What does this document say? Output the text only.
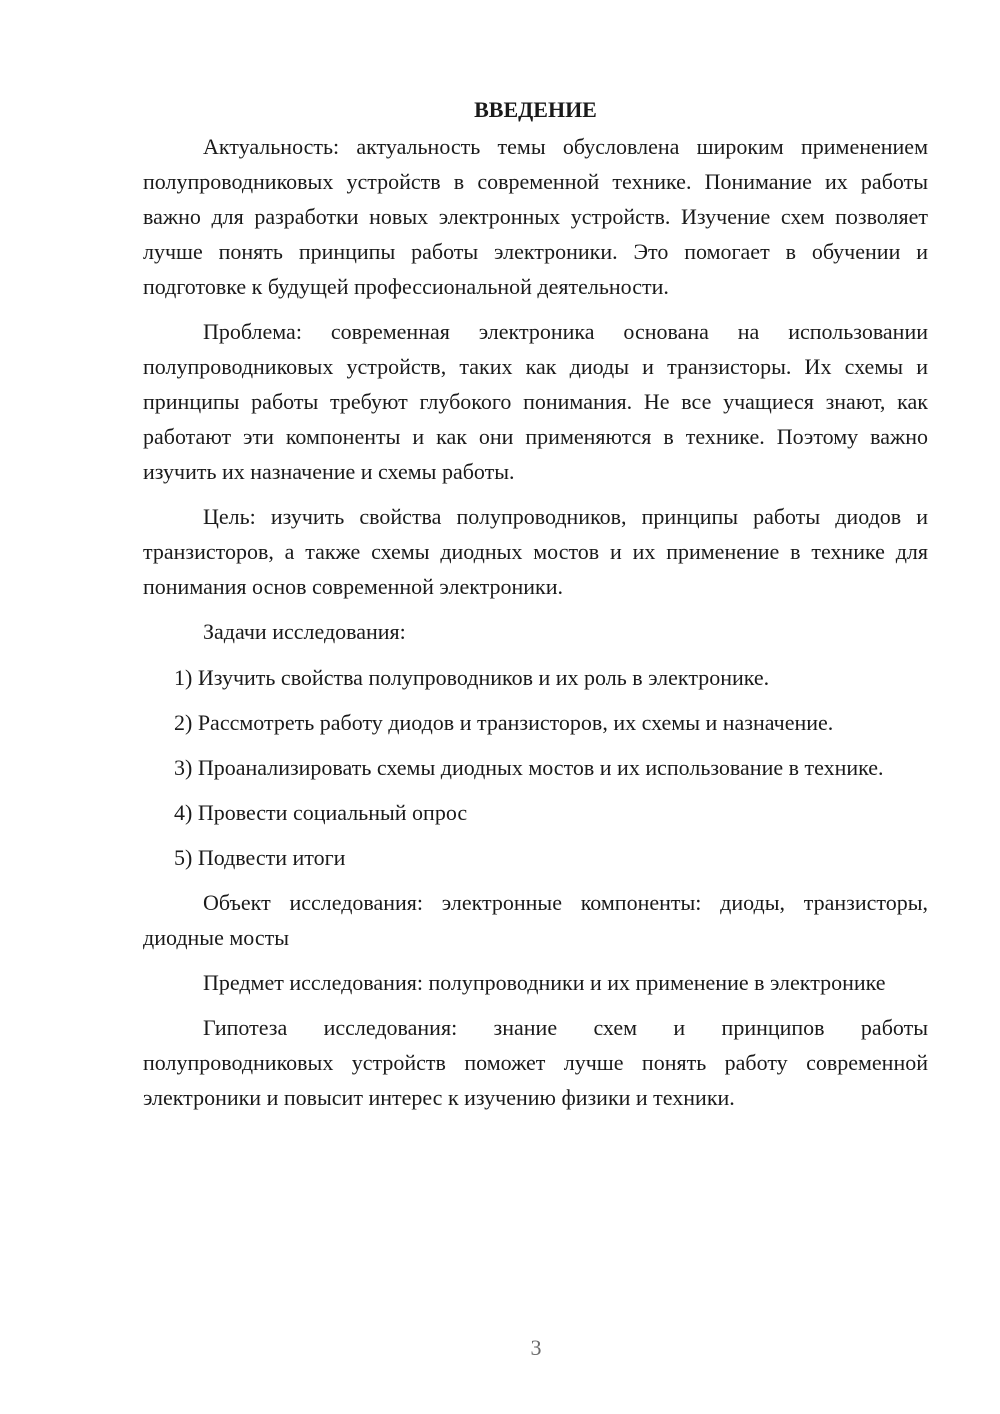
ВВЕДЕНИЕ

Актуальность: актуальность темы обусловлена широким применением полупроводниковых устройств в современной технике. Понимание их работы важно для разработки новых электронных устройств. Изучение схем позволяет лучше понять принципы работы электроники. Это помогает в обучении и подготовке к будущей профессиональной деятельности.

Проблема: современная электроника основана на использовании полупроводниковых устройств, таких как диоды и транзисторы. Их схемы и принципы работы требуют глубокого понимания. Не все учащиеся знают, как работают эти компоненты и как они применяются в технике. Поэтому важно изучить их назначение и схемы работы.

Цель: изучить свойства полупроводников, принципы работы диодов и транзисторов, а также схемы диодных мостов и их применение в технике для понимания основ современной электроники.

Задачи исследования:

1) Изучить свойства полупроводников и их роль в электронике.

2) Рассмотреть работу диодов и транзисторов, их схемы и назначение.

3) Проанализировать схемы диодных мостов и их использование в технике.

4) Провести социальный опрос

5) Подвести итоги

Объект исследования: электронные компоненты: диоды, транзисторы, диодные мосты

Предмет исследования: полупроводники и их применение в электронике

Гипотеза исследования: знание схем и принципов работы полупроводниковых устройств поможет лучше понять работу современной электроники и повысит интерес к изучению физики и техники.

3
